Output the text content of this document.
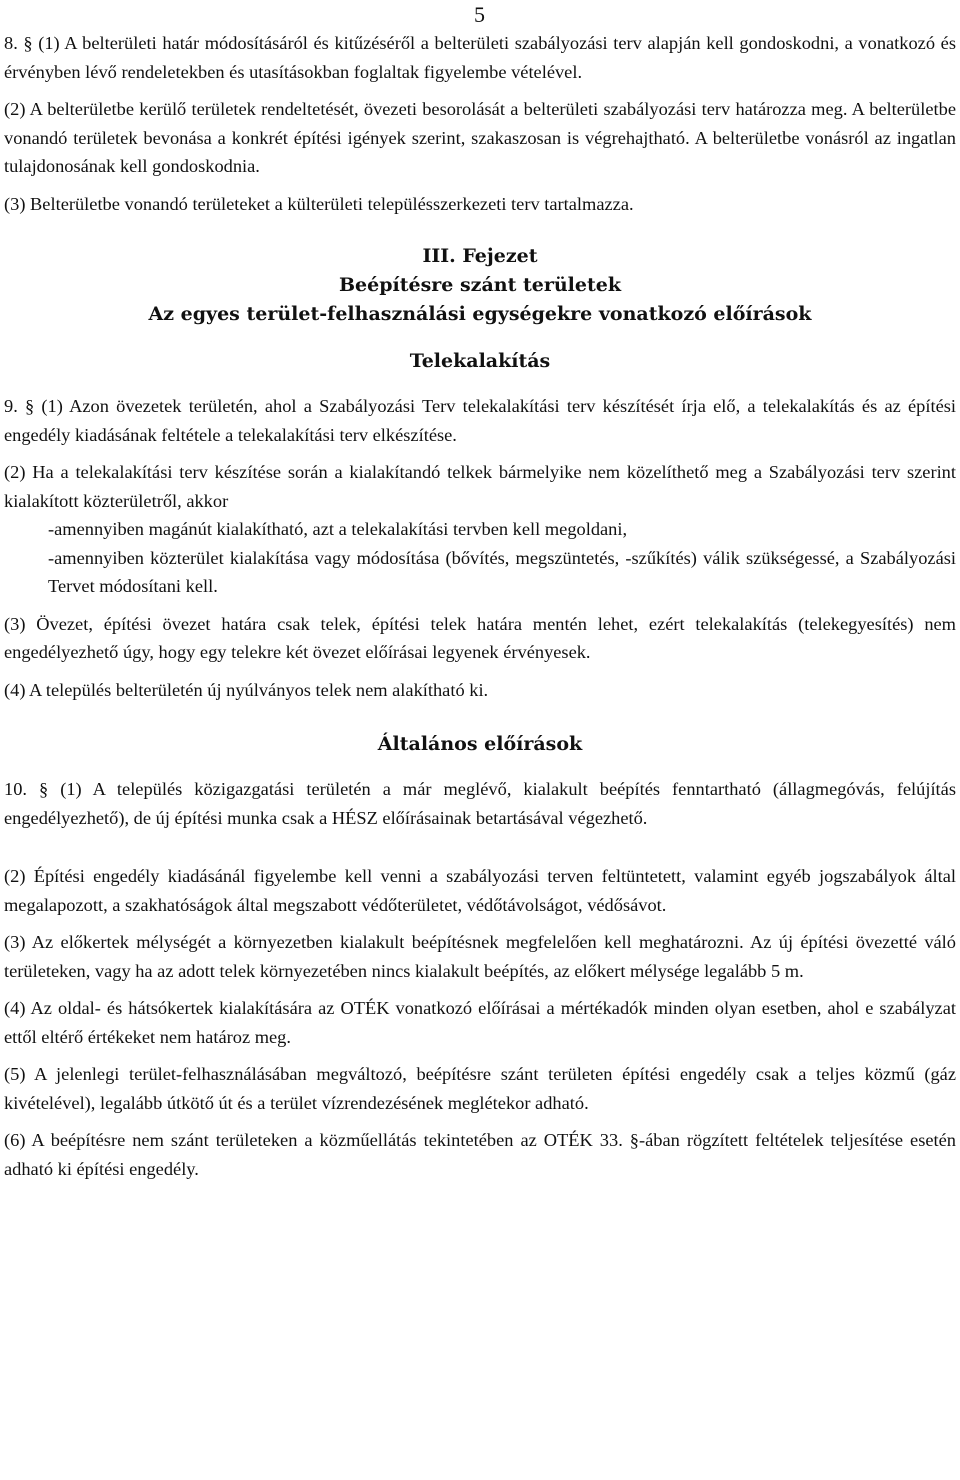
5

8. § (1) A belterületi határ módosításáról és kitűzéséről a belterületi szabályozási terv alapján kell gondoskodni, a vonatkozó és érvényben lévő rendeletekben és utasításokban foglaltak figyelembe vételével.

(2) A belterületbe kerülő területek rendeltetését, övezeti besorolását a belterületi szabályozási terv határozza meg. A belterületbe vonandó területek bevonása a konkrét építési igények szerint, szakaszosan is végrehajtható. A belterületbe vonásról az ingatlan tulajdonosának kell gondoskodnia.

(3) Belterületbe vonandó területeket a külterületi településszerkezeti terv tartalmazza.

III. Fejezet
Beépítésre szánt területek
Az egyes terület-felhasználási egységekre vonatkozó előírások
Telekalakítás

9. § (1) Azon övezetek területén, ahol a Szabályozási Terv telekalakítási terv készítését írja elő, a telekalakítás és az építési engedély kiadásának feltétele a telekalakítási terv elkészítése.

(2) Ha a telekalakítási terv készítése során a kialakítandó telkek bármelyike nem közelíthető meg a Szabályozási terv szerint kialakított közterületről, akkor

-amennyiben magánút kialakítható, azt a telekalakítási tervben kell megoldani,

-amennyiben közterület kialakítása vagy módosítása (bővítés, megszüntetés, -szűkítés) válik szükségessé, a Szabályozási Tervet módosítani kell.

(3) Övezet, építési övezet határa csak telek, építési telek határa mentén lehet, ezért telekalakítás (telekegyesítés) nem engedélyezhető úgy, hogy egy telekre két övezet előírásai legyenek érvényesek.

(4) A település belterületén új nyúlványos telek nem alakítható ki.

Általános előírások

10. § (1) A település közigazgatási területén a már meglévő, kialakult beépítés fenntartható (állagmegóvás, felújítás engedélyezhető), de új építési munka csak a HÉSZ előírásainak betartásával végezhető.

(2) Építési engedély kiadásánál figyelembe kell venni a szabályozási terven feltüntetett, valamint egyéb jogszabályok által megalapozott, a szakhatóságok által megszabott védőterületet, védőtávolságot, védősávot.

(3) Az előkertek mélységét a környezetben kialakult beépítésnek megfelelően kell meghatározni. Az új építési övezetté váló területeken, vagy ha az adott telek környezetében nincs kialakult beépítés, az előkert mélysége legalább 5 m.

(4) Az oldal- és hátsókertek kialakítására az OTÉK vonatkozó előírásai a mértékadók minden olyan esetben, ahol e szabályzat ettől eltérő értékeket nem határoz meg.

(5) A jelenlegi terület-felhasználásában megváltozó, beépítésre szánt területen építési engedély csak a teljes közmű (gáz kivételével), legalább útkötő út és a terület vízrendezésének meglétekor adható.

(6) A beépítésre nem szánt területeken a közműellátás tekintetében az OTÉK 33. §-ában rögzített feltételek teljesítése esetén adható ki építési engedély.
